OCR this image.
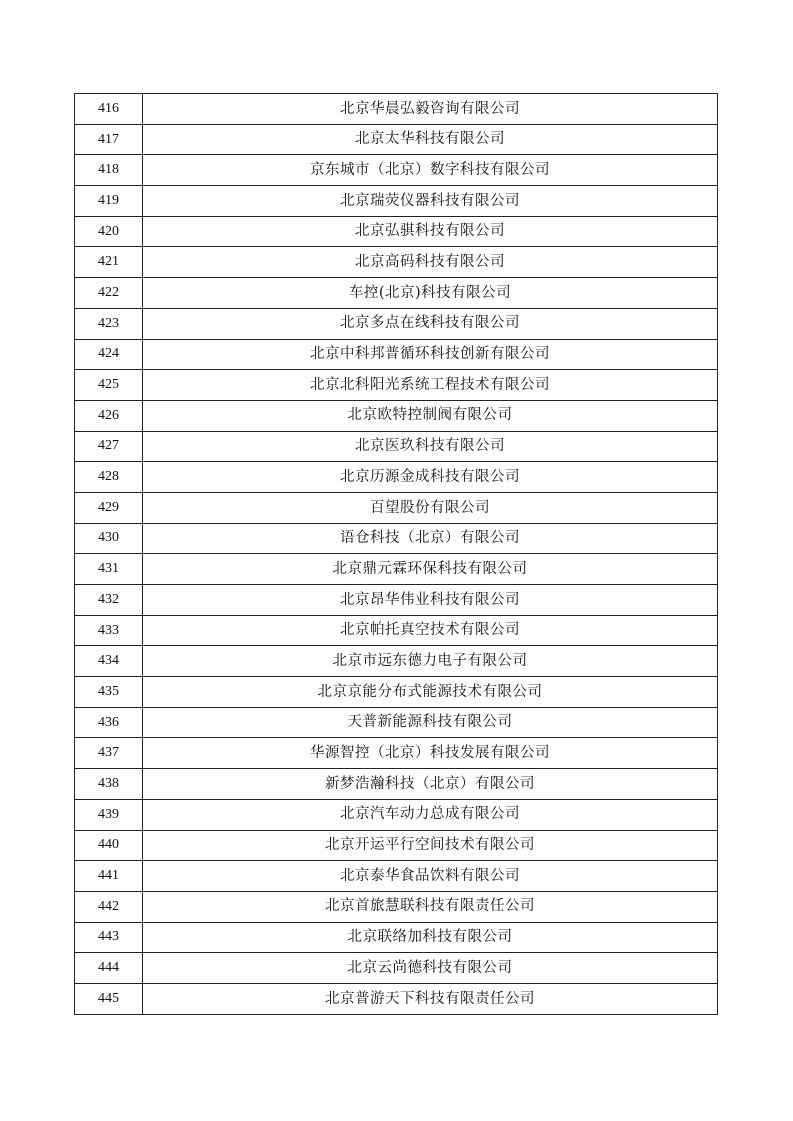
416	北京华晨弘毅咨询有限公司
417	北京太华科技有限公司
418	京东城市（北京）数字科技有限公司
419	北京瑞荧仪器科技有限公司
420	北京弘骐科技有限公司
421	北京高码科技有限公司
422	车控(北京)科技有限公司
423	北京多点在线科技有限公司
424	北京中科邦普循环科技创新有限公司
425	北京北科阳光系统工程技术有限公司
426	北京欧特控制阀有限公司
427	北京医玖科技有限公司
428	北京历源金成科技有限公司
429	百望股份有限公司
430	语仓科技（北京）有限公司
431	北京鼎元霖环保科技有限公司
432	北京昂华伟业科技有限公司
433	北京帕托真空技术有限公司
434	北京市远东德力电子有限公司
435	北京京能分布式能源技术有限公司
436	天普新能源科技有限公司
437	华源智控（北京）科技发展有限公司
438	新梦浩瀚科技（北京）有限公司
439	北京汽车动力总成有限公司
440	北京开运平行空间技术有限公司
441	北京泰华食品饮料有限公司
442	北京首旅慧联科技有限责任公司
443	北京联络加科技有限公司
444	北京云尚德科技有限公司
445	北京普游天下科技有限责任公司
